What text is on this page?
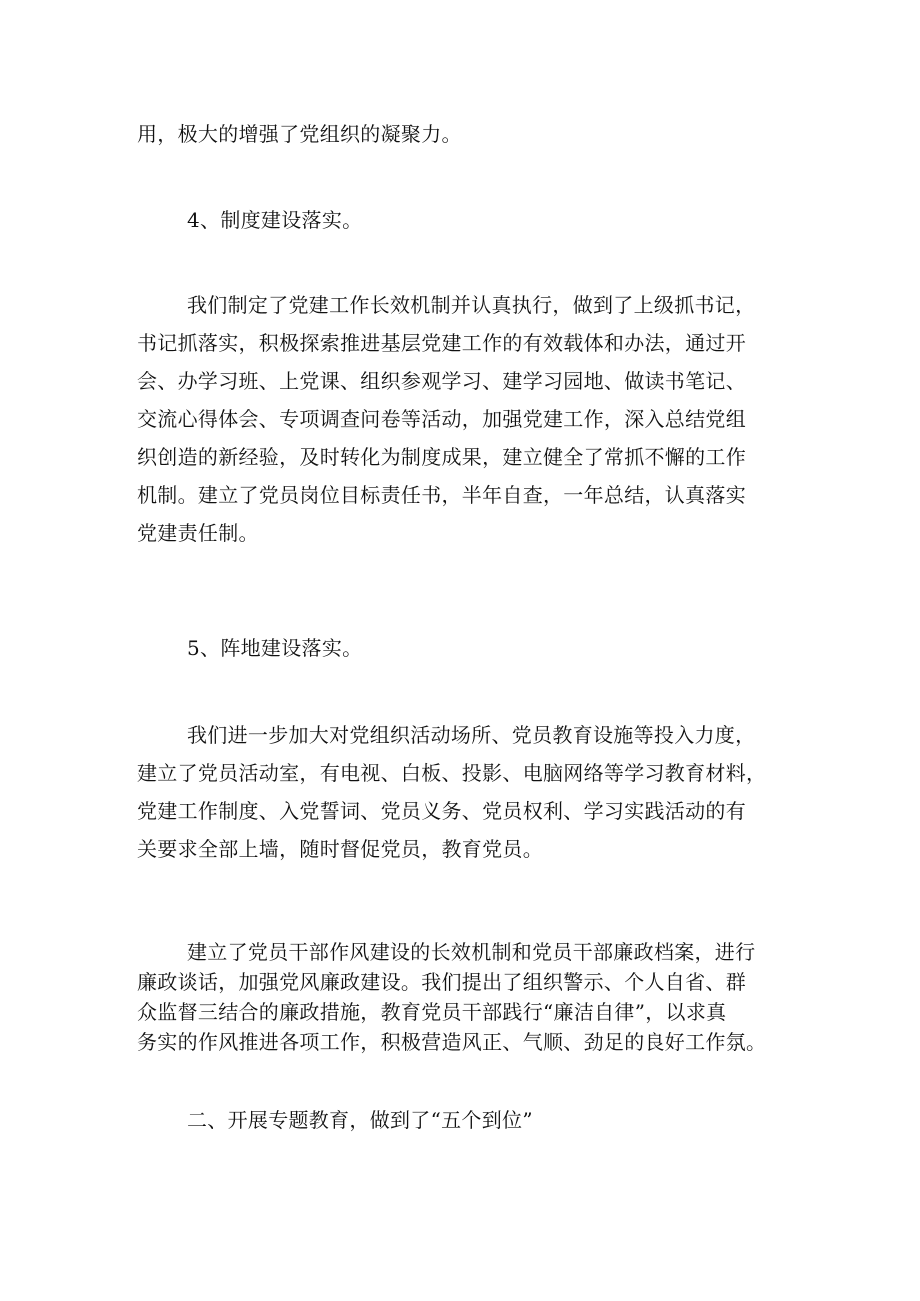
用，极大的增强了党组织的凝聚力。
4、制度建设落实。
我们制定了党建工作长效机制并认真执行，做到了上级抓书记，
书记抓落实，积极探索推进基层党建工作的有效载体和办法，通过开
会、办学习班、上党课、组织参观学习、建学习园地、做读书笔记、
交流心得体会、专项调查问卷等活动，加强党建工作，深入总结党组
织创造的新经验，及时转化为制度成果，建立健全了常抓不懈的工作
机制。建立了党员岗位目标责任书，半年自查，一年总结，认真落实
党建责任制。
5、阵地建设落实。
我们进一步加大对党组织活动场所、党员教育设施等投入力度，
建立了党员活动室，有电视、白板、投影、电脑网络等学习教育材料，
党建工作制度、入党誓词、党员义务、党员权利、学习实践活动的有
关要求全部上墙，随时督促党员，教育党员。
建立了党员干部作风建设的长效机制和党员干部廉政档案，进行
廉政谈话，加强党风廉政建设。我们提出了组织警示、个人自省、群
众监督三结合的廉政措施，教育党员干部践行“廉洁自律”，以求真
务实的作风推进各项工作，积极营造风正、气顺、劲足的良好工作氛。
二、开展专题教育，做到了“五个到位”
